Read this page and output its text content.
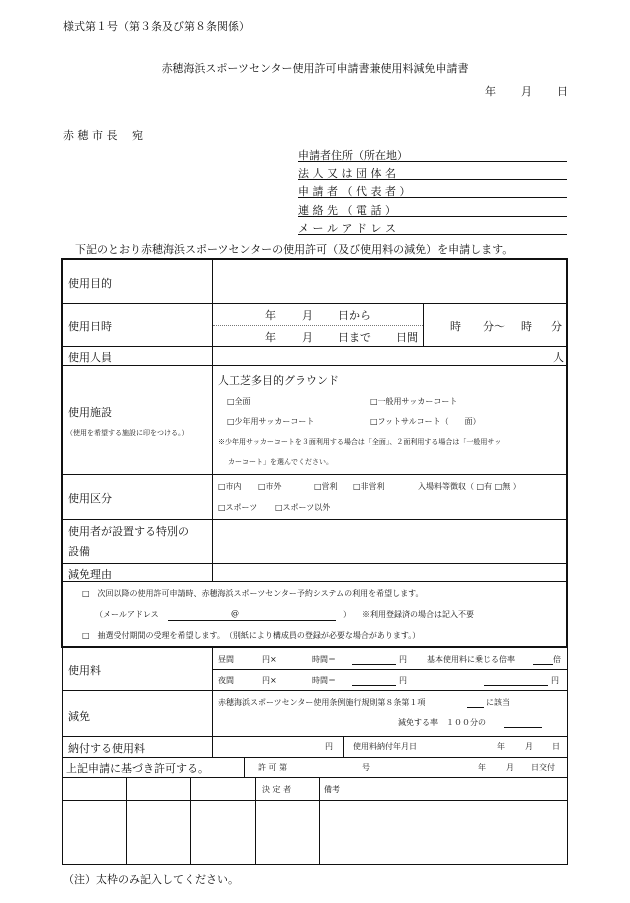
様式第１号（第３条及び第８条関係）
赤穂海浜スポーツセンター使用許可申請書兼使用料減免申請書
年 月 日
赤 穂 市 長　 宛
申請者住所（所在地）
法 人 又 は 団 体 名
申 請 者 （ 代 表 者 ）
連 絡 先 （ 電 話 ）
メ ー ル ア ド レ ス
下記のとおり赤穂海浜スポーツセンターの使用許可（及び使用料の減免）を申請します。
使用目的
使用日時
年 月 日から
年 月 日まで 日間
時 分〜 時 分
使用人員	人
使用施設
（使用を希望する施設に印をつける。）
人工芝多目的グラウンド
□全面	□一般用サッカーコート
□少年用サッカーコート	□フットサルコート（　　面）
※少年用サッカーコートを３面利用する場合は「全面」、２面利用する場合は「一般用サッ
カーコート」を選んでください。
使用区分
□市内 □市外	□営利 □非営利	入場料等徴収（ □有 □無 ）
□スポーツ □スポーツ以外
使用者が設置する特別の
設備
減免理由
□　次回以降の使用許可申請時、赤穂海浜スポーツセンター予約システムの利用を希望します。
（メールアドレス	@	） ※利用登録済の場合は記入不要
□　抽選受付期間の受理を希望します。　（別紙により構成員の登録が必要な場合があります。）
使用料
昼間	円×	時間＝	円	基本使用料に乗じる倍率	倍
夜間	円×	時間＝	円	円
減免
赤穂海浜スポーツセンター使用条例施行規則第８条第１項	に該当
減免する率　１００分の
納付する使用料	円	使用料納付年月日	年	月 日
上記申請に基づき許可する。	許 可 第	号	年	月 日交付
決 定 者	備考
（注）太枠のみ記入してください。
